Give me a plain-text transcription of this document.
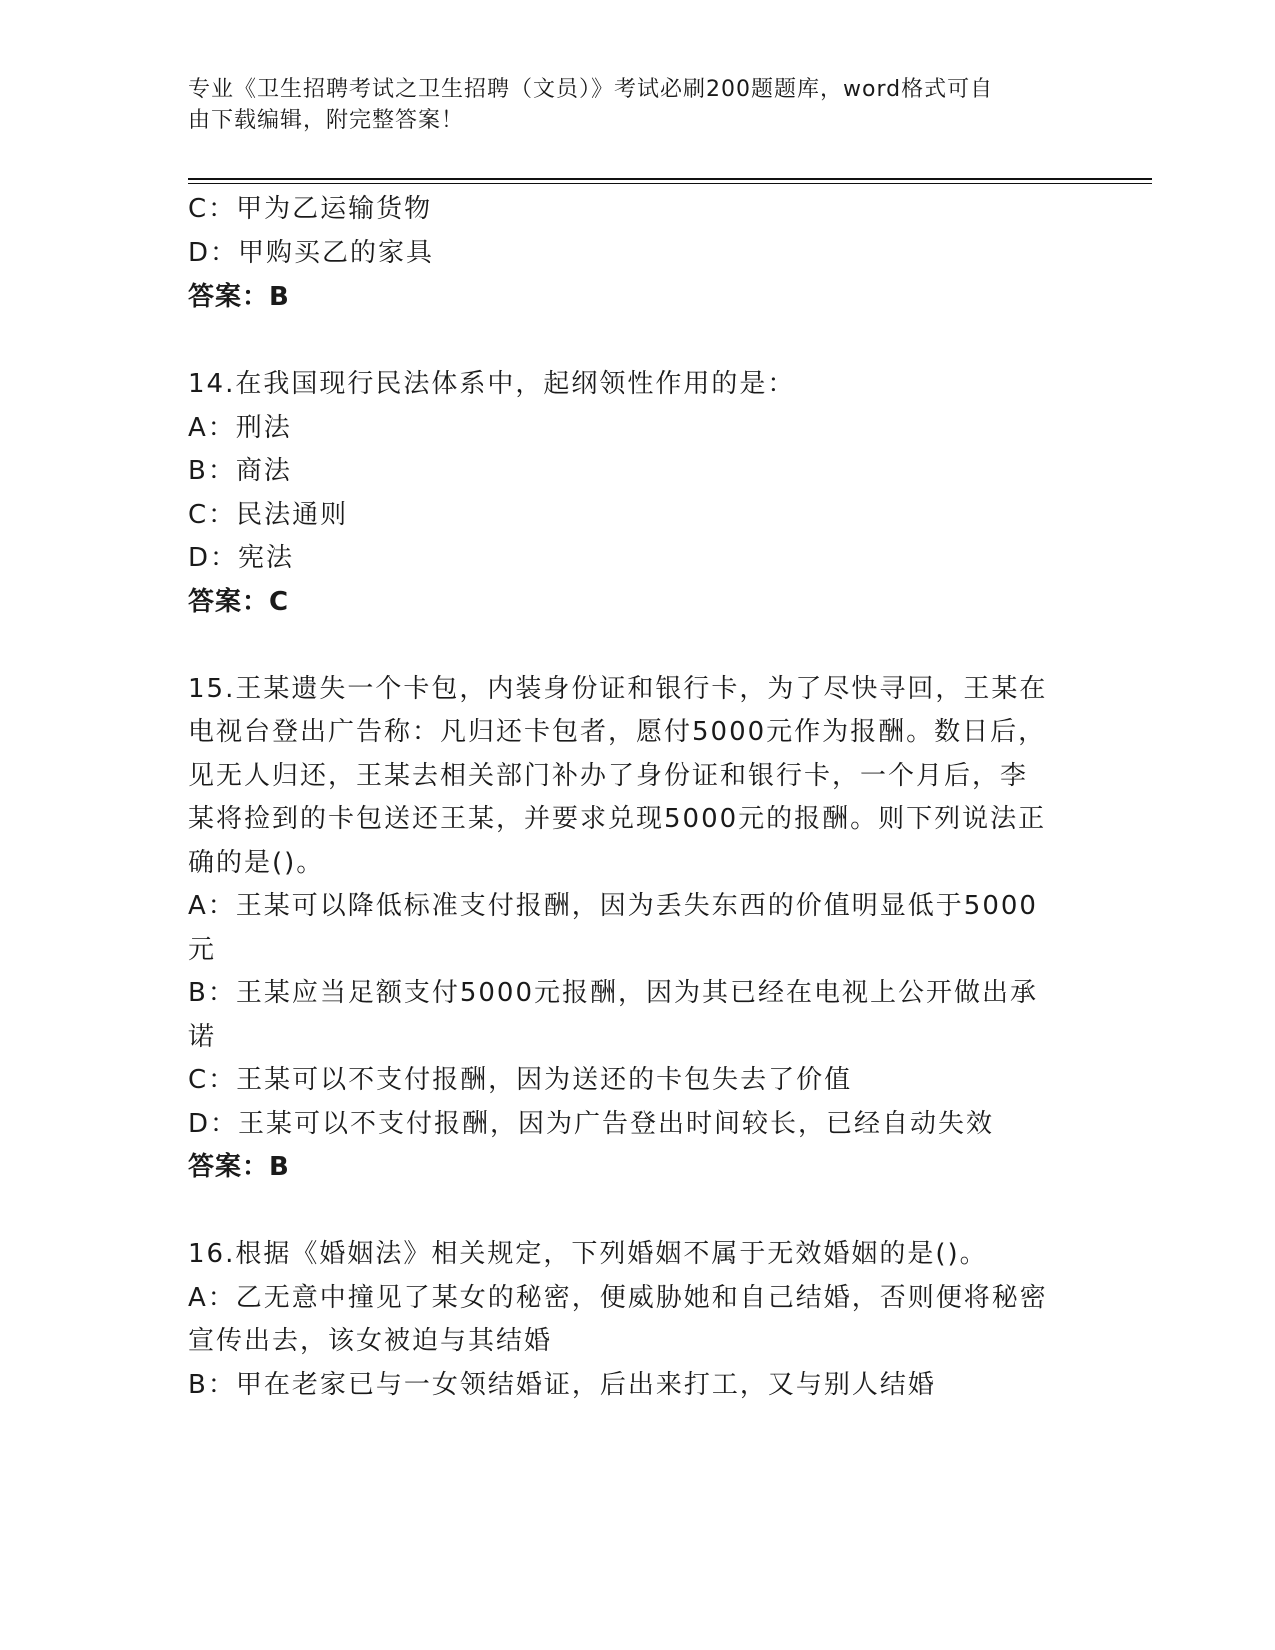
专业《卫生招聘考试之卫生招聘（文员）》考试必刷200题题库，word格式可自
由下载编辑，附完整答案！
C：甲为乙运输货物
D：甲购买乙的家具
答案：B
14.在我国现行民法体系中，起纲领性作用的是：
A：刑法
B：商法
C：民法通则
D：宪法
答案：C
15.王某遗失一个卡包，内装身份证和银行卡，为了尽快寻回，王某在
电视台登出广告称：凡归还卡包者，愿付5000元作为报酬。数日后，
见无人归还，王某去相关部门补办了身份证和银行卡，一个月后，李
某将捡到的卡包送还王某，并要求兑现5000元的报酬。则下列说法正
确的是()。
A：王某可以降低标准支付报酬，因为丢失东西的价值明显低于5000
元
B：王某应当足额支付5000元报酬，因为其已经在电视上公开做出承
诺
C：王某可以不支付报酬，因为送还的卡包失去了价值
D：王某可以不支付报酬，因为广告登出时间较长，已经自动失效
答案：B
16.根据《婚姻法》相关规定，下列婚姻不属于无效婚姻的是()。
A：乙无意中撞见了某女的秘密，便威胁她和自己结婚，否则便将秘密
宣传出去，该女被迫与其结婚
B：甲在老家已与一女领结婚证，后出来打工，又与别人结婚
